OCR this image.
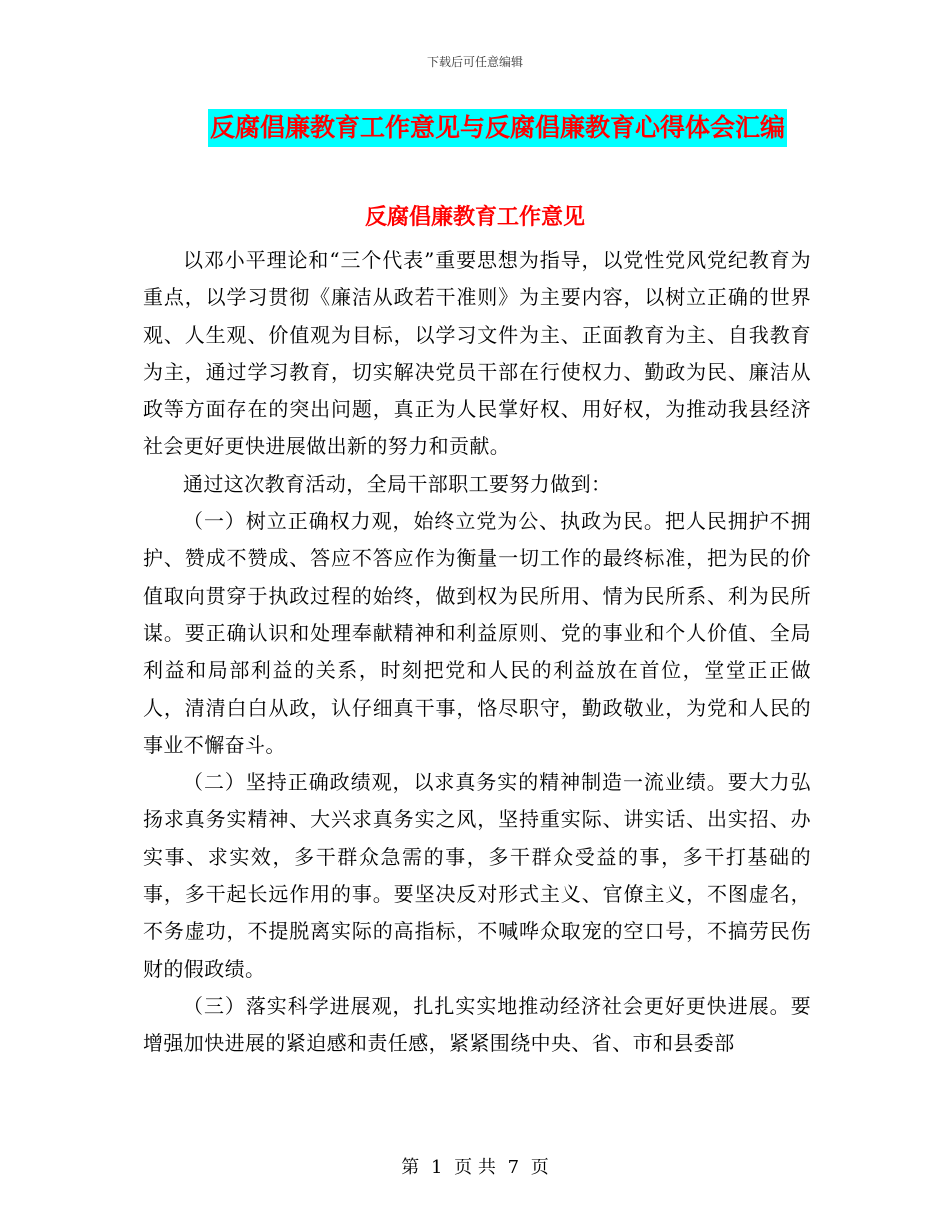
下载后可任意编辑
反腐倡廉教育工作意见与反腐倡廉教育心得体会汇编
反腐倡廉教育工作意见

以邓小平理论和“三个代表”重要思想为指导，以党性党风党纪教育为重点，以学习贯彻《廉洁从政若干准则》为主要内容，以树立正确的世界观、人生观、价值观为目标，以学习文件为主、正面教育为主、自我教育为主，通过学习教育，切实解决党员干部在行使权力、勤政为民、廉洁从政等方面存在的突出问题，真正为人民掌好权、用好权，为推动我县经济社会更好更快进展做出新的努力和贡献。

通过这次教育活动，全局干部职工要努力做到：

（一）树立正确权力观，始终立党为公、执政为民。把人民拥护不拥护、赞成不赞成、答应不答应作为衡量一切工作的最终标准，把为民的价值取向贯穿于执政过程的始终，做到权为民所用、情为民所系、利为民所谋。要正确认识和处理奉献精神和利益原则、党的事业和个人价值、全局利益和局部利益的关系，时刻把党和人民的利益放在首位，堂堂正正做人，清清白白从政，认仔细真干事，恪尽职守，勤政敬业，为党和人民的事业不懈奋斗。

（二）坚持正确政绩观，以求真务实的精神制造一流业绩。要大力弘扬求真务实精神、大兴求真务实之风，坚持重实际、讲实话、出实招、办实事、求实效，多干群众急需的事，多干群众受益的事，多干打基础的事，多干起长远作用的事。要坚决反对形式主义、官僚主义，不图虚名，不务虚功，不提脱离实际的高指标，不喊哗众取宠的空口号，不搞劳民伤财的假政绩。

（三）落实科学进展观，扎扎实实地推动经济社会更好更快进展。要增强加快进展的紧迫感和责任感，紧紧围绕中央、省、市和县委部

第 1 页 共 7 页
